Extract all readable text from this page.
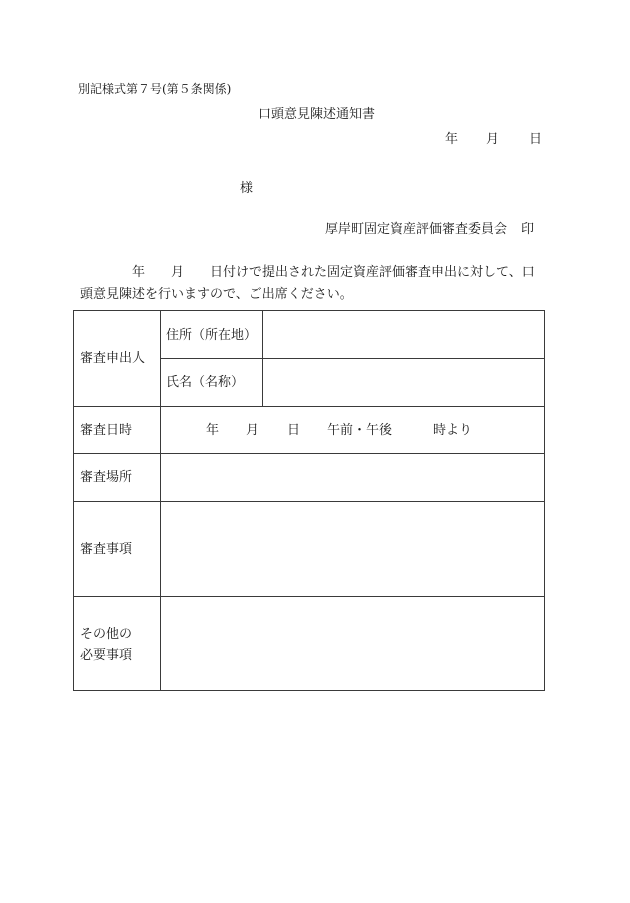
別記様式第７号(第５条関係)
口頭意見陳述通知書
年 月 日
様
厚岸町固定資産評価審査委員会 印
年　　月　　日付けで提出された固定資産評価審査申出に対して、口
頭意見陳述を行いますので、ご出席ください。
審査申出人
住所（所在地）
氏名（名称）
審査日時	年 月 日 午前・午後	時より
審査場所
審査事項
その他の
必要事項
